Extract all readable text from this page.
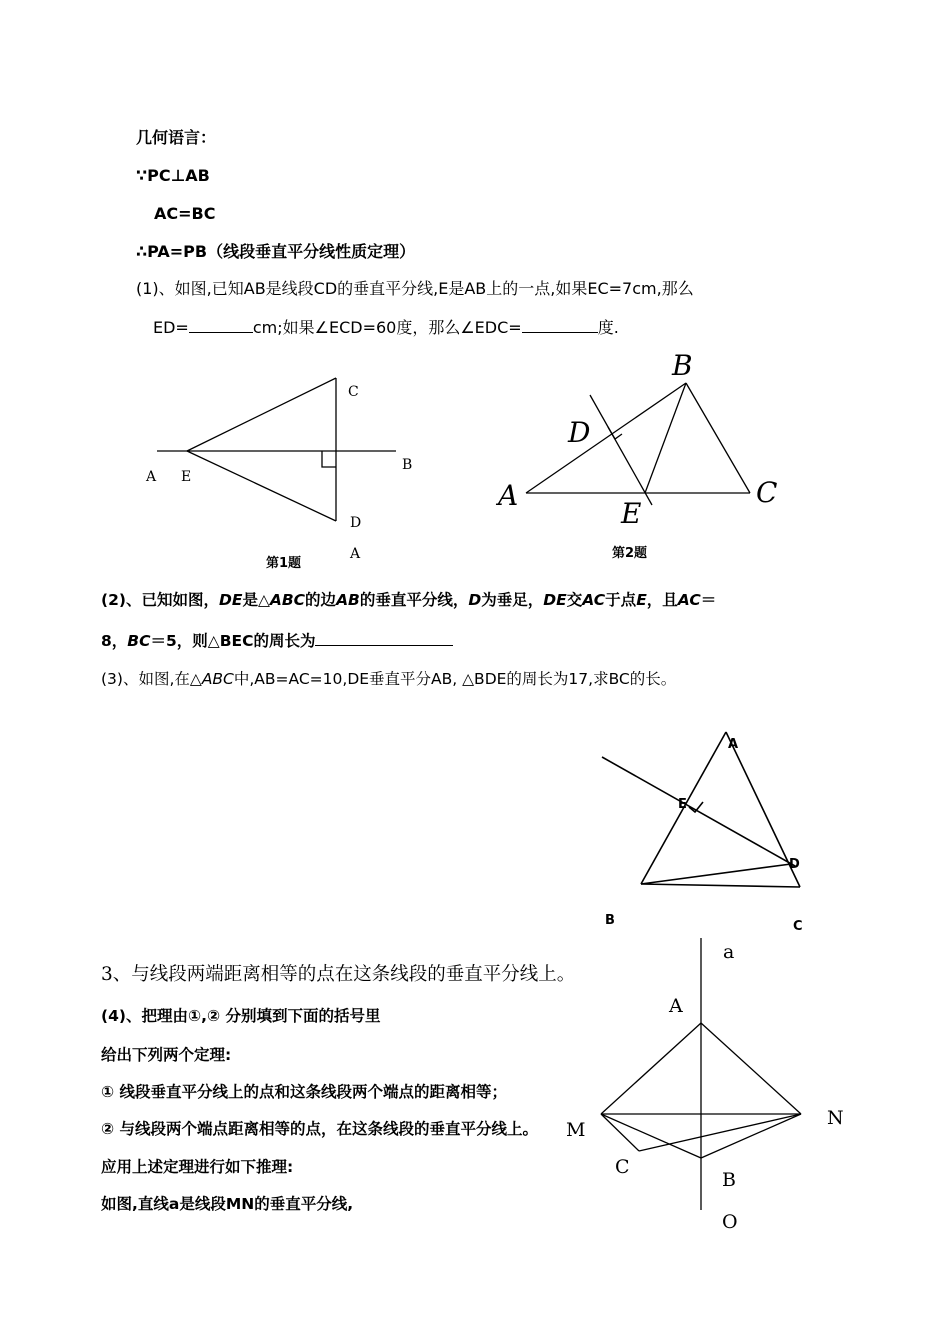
几何语言：
∵PC⊥AB
AC=BC
∴PA=PB（线段垂直平分线性质定理）
(1)、如图,已知AB是线段CD的垂直平分线,E是AB上的一点,如果EC=7cm,那么
ED=	cm;如果∠ECD=60度，那么∠EDC=	度.
C
A E
B
D
A
第1题
B
D
A	C
E
第2题
(2)、已知如图，DE是△ABC的边AB的垂直平分线，D为垂足，DE交AC于点E，且AC＝
8，BC＝5，则△BEC的周长为
(3)、如图,在△ABC中,AB=AC=10,DE垂直平分AB, △BDE的周长为17,求BC的长。
A
E
D
B	C
3、与线段两端距离相等的点在这条线段的垂直平分线上。
(4)、把理由①,② 分别填到下面的括号里
给出下列两个定理:
① 线段垂直平分线上的点和这条线段两个端点的距离相等；
② 与线段两个端点距离相等的点，在这条线段的垂直平分线上。
应用上述定理进行如下推理:
如图,直线a是线段MN的垂直平分线,
a
A
N
M
C
B
O
